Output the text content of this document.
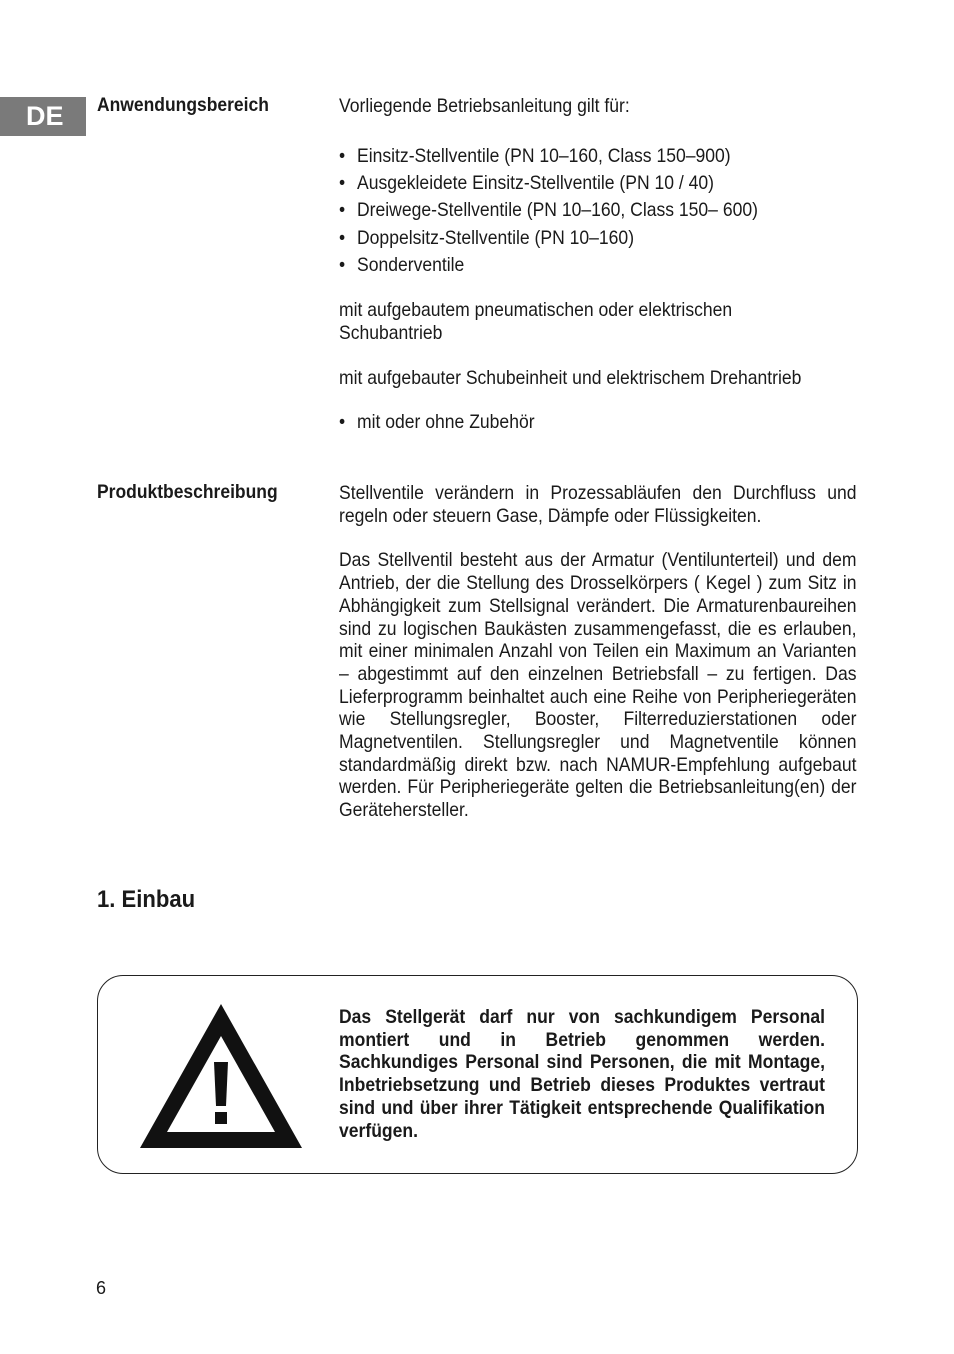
DE	Anwendungsbereich	Vorliegende Betriebsanleitung gilt für:

• Einsitz-Stellventile (PN 10–160, Class 150–900)
• Ausgekleidete Einsitz-Stellventile (PN 10 / 40)
• Dreiwege-Stellventile (PN 10–160, Class 150– 600)
• Doppelsitz-Stellventile (PN 10–160)
• Sonderventile

mit aufgebautem pneumatischen oder elektrischen Schubantrieb

mit aufgebauter Schubeinheit und elektrischem Drehantrieb

• mit oder ohne Zubehör
Produktbeschreibung	Stellventile verändern in Prozessabläufen den Durchfluss und regeln oder steuern Gase, Dämpfe oder Flüssigkeiten.

Das Stellventil besteht aus der Armatur (Ventilunterteil) und dem Antrieb, der die Stellung des Drosselkörpers ( Kegel ) zum Sitz in Abhängigkeit zum Stellsignal verändert. Die Armaturenbaureihen sind zu logischen Baukästen zusammengefasst, die es erlauben, mit einer minimalen Anzahl von Teilen ein Maximum an Varianten – abgestimmt auf den einzelnen Betriebsfall – zu fertigen. Das Lieferprogramm beinhaltet auch eine Reihe von Peripheriegeräten wie Stellungsregler, Booster, Filterreduzierstationen oder Magnetventilen. Stellungsregler und Magnetventile können standardmäßig direkt bzw. nach NAMUR-Empfehlung aufgebaut werden. Für Peripheriegeräte gelten die Betriebsanleitung(en) der Gerätehersteller.

1. Einbau
Das Stellgerät darf nur von sachkundigem Personal montiert und in Betrieb genommen werden. Sachkundiges Personal sind Personen, die mit Montage, Inbetriebsetzung und Betrieb dieses Produktes vertraut sind und über ihrer Tätigkeit entsprechende Qualifikation verfügen.
6
